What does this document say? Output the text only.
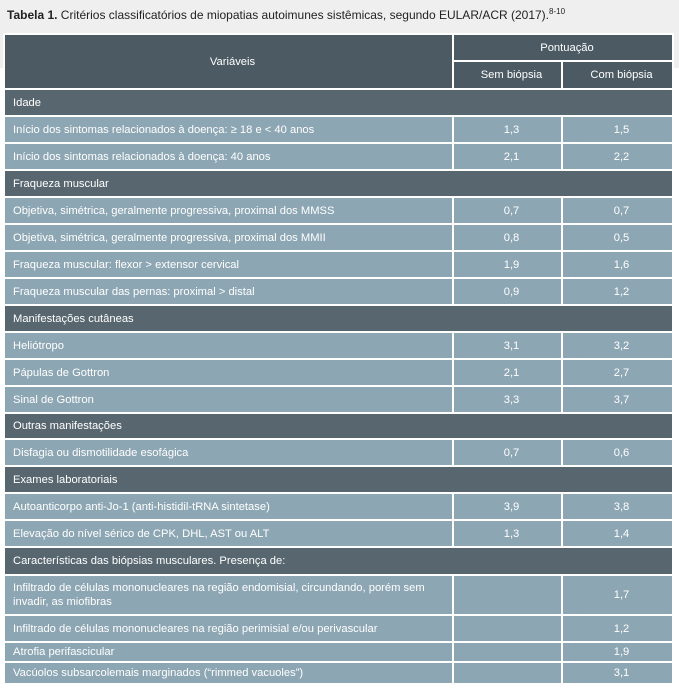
Tabela 1. Critérios classificatórios de miopatias autoimunes sistêmicas, segundo EULAR/ACR (2017).$^{8-10}$
Variáveis	Pontuação	
	Sem biópsia	Com biópsia
Idade		
Início dos sintomas relacionados à doença: ≥ 18 e < 40 anos	1,3	1,5
Início dos sintomas relacionados à doença: 40 anos	2,1	2,2
Fraqueza muscular		
Objetiva, simétrica, geralmente progressiva, proximal dos MMSS	0,7	0,7
Objetiva, simétrica, geralmente progressiva, proximal dos MMII	0,8	0,5
Fraqueza muscular: flexor > extensor cervical	1,9	1,6
Fraqueza muscular das pernas: proximal > distal	0,9	1,2
Manifestações cutâneas		
Heliótropo	3,1	3,2
Pápulas de Gottron	2,1	2,7
Sinal de Gottron	3,3	3,7
Outras manifestações		
Disfagia ou dismotilidade esofágica	0,7	0,6
Exames laboratoriais		
Autoanticorpo anti-Jo-1 (anti-histidil-tRNA sintetase)	3,9	3,8
Elevação do nível sérico de CPK, DHL, AST ou ALT	1,3	1,4
Características das biópsias musculares. Presença de:		
Infiltrado de células mononucleares na região endomisial, circundando, porém sem invadir, as miofibras		1,7
Infiltrado de células mononucleares na região perimisial e/ou perivascular		1,2
Atrofia perifascicular		1,9
Vacúolos subsarcolemais marginados (“rimmed vacuoles”)		3,1
